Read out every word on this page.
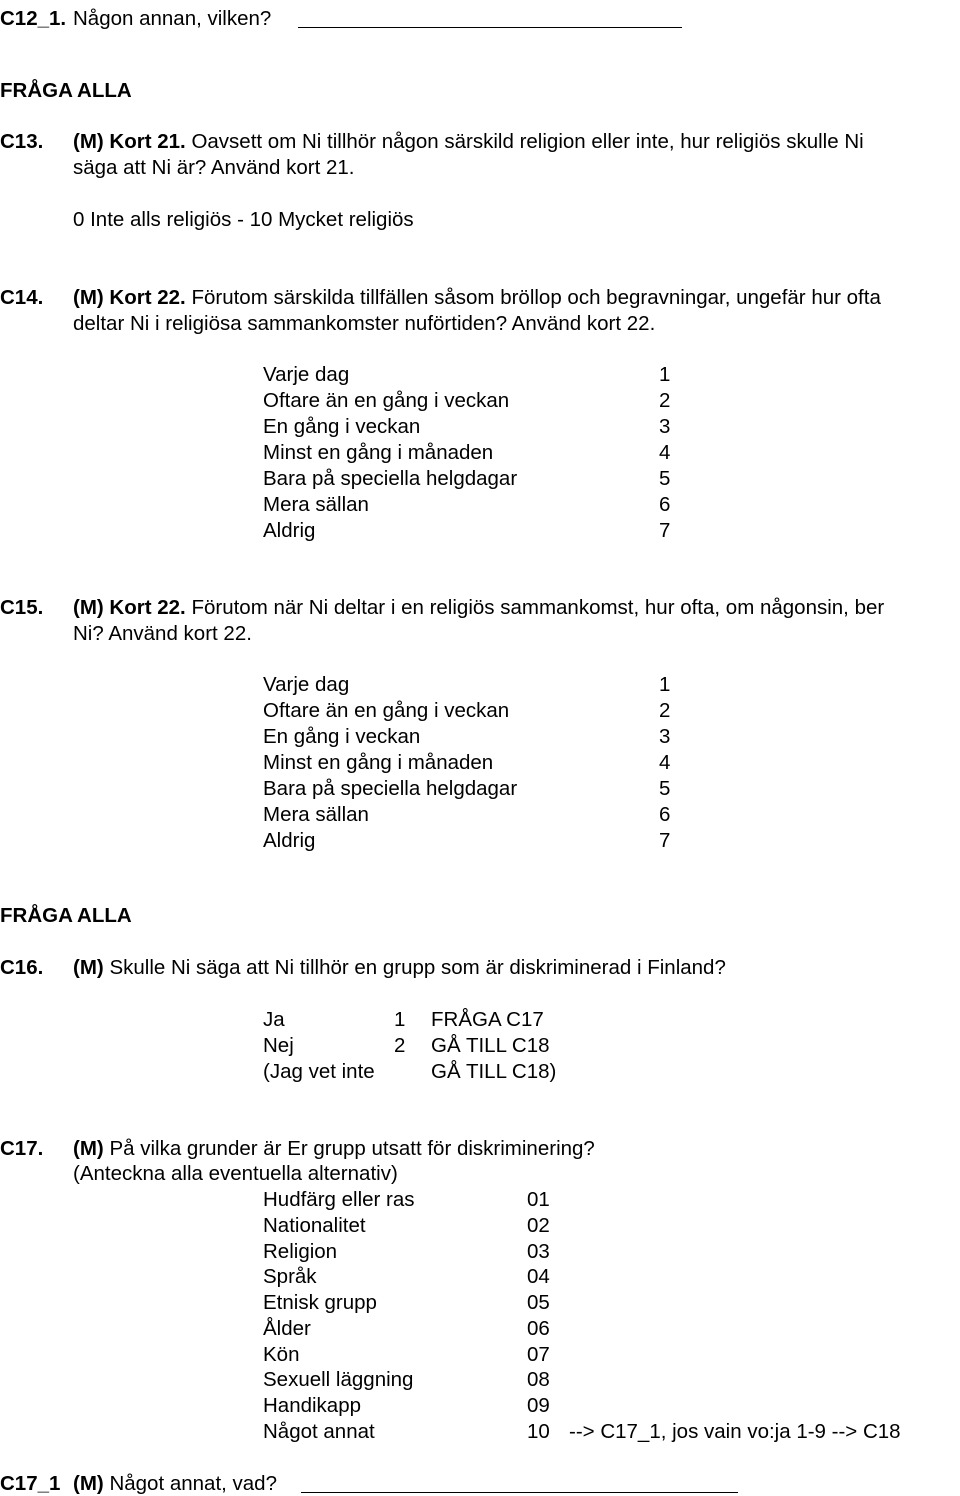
C12_1. Någon annan, vilken?
FRÅGA ALLA
C13. (M) Kort 21. Oavsett om Ni tillhör någon särskild religion eller inte, hur religiös skulle Ni
säga att Ni är? Använd kort 21.
0 Inte alls religiös - 10 Mycket religiös
C14. (M) Kort 22. Förutom särskilda tillfällen såsom bröllop och begravningar, ungefär hur ofta
deltar Ni i religiösa sammankomster nuförtiden? Använd kort 22.
Varje dag	1
Oftare än en gång i veckan	2
En gång i veckan	3
Minst en gång i månaden	4
Bara på speciella helgdagar	5
Mera sällan	6
Aldrig	7
C15. (M) Kort 22. Förutom när Ni deltar i en religiös sammankomst, hur ofta, om någonsin, ber
Ni? Använd kort 22.
Varje dag	1
Oftare än en gång i veckan	2
En gång i veckan	3
Minst en gång i månaden	4
Bara på speciella helgdagar	5
Mera sällan	6
Aldrig	7
FRÅGA ALLA
C16. (M) Skulle Ni säga att Ni tillhör en grupp som är diskriminerad i Finland?
Ja	1 FRÅGA C17
Nej	2 GÅ TILL C18
(Jag vet inte	GÅ TILL C18)
C17. (M) På vilka grunder är Er grupp utsatt för diskriminering?
(Anteckna alla eventuella alternativ)
Hudfärg eller ras	01
Nationalitet	02
Religion	03
Språk	04
Etnisk grupp	05
Ålder	06
Kön	07
Sexuell läggning	08
Handikapp	09
Något annat	10 --> C17_1, jos vain vo:ja 1-9 --> C18
C17_1 (M) Något annat, vad?
